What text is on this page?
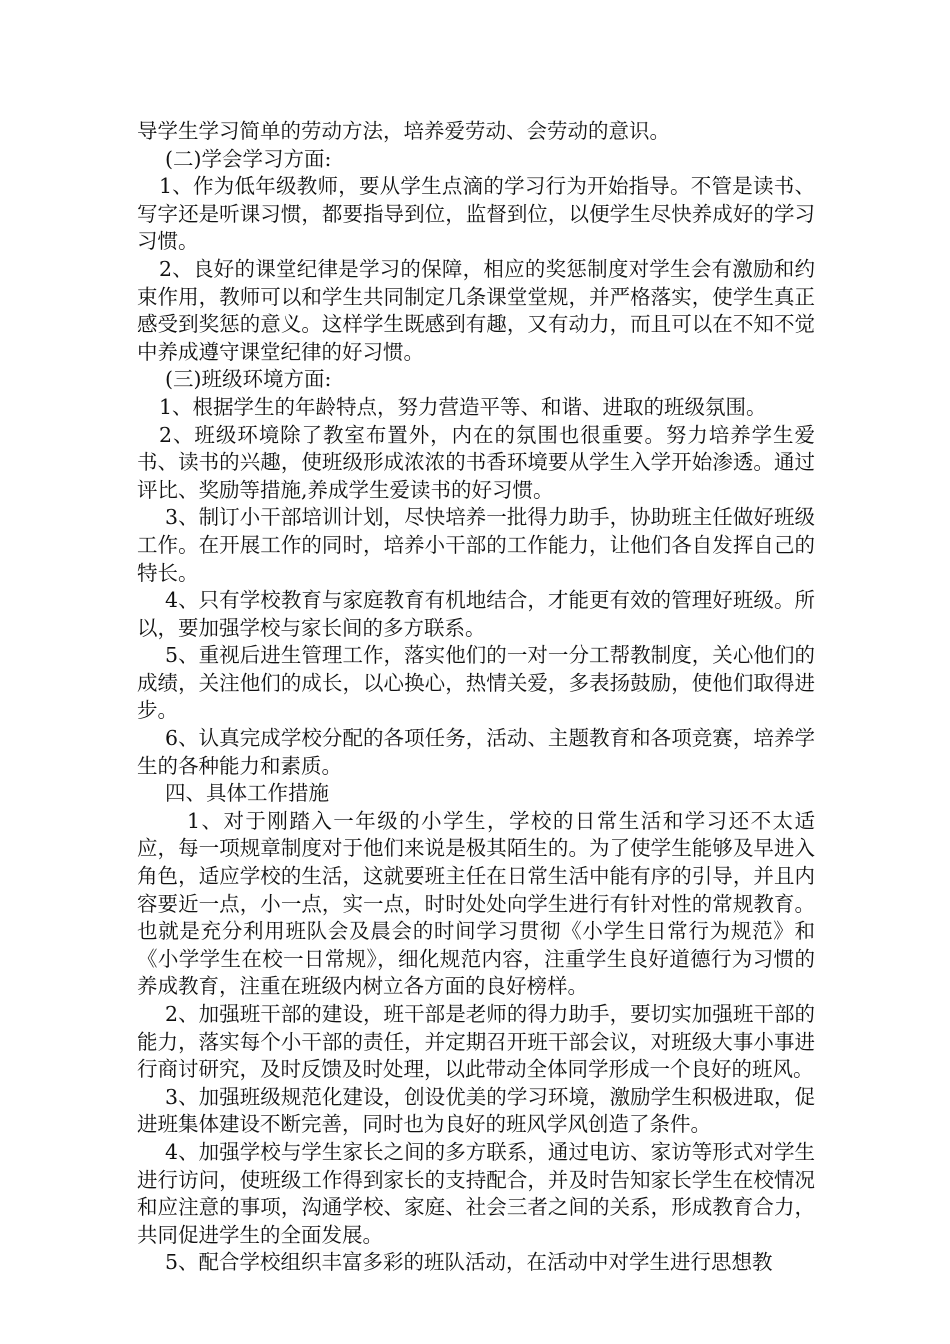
导学生学习简单的劳动方法，培养爱劳动、会劳动的意识。

(二)学会学习方面:

1、作为低年级教师，要从学生点滴的学习行为开始指导。不管是读书、写字还是听课习惯，都要指导到位，监督到位，以便学生尽快养成好的学习习惯。

2、良好的课堂纪律是学习的保障，相应的奖惩制度对学生会有激励和约束作用，教师可以和学生共同制定几条课堂堂规，并严格落实，使学生真正感受到奖惩的意义。这样学生既感到有趣，又有动力，而且可以在不知不觉中养成遵守课堂纪律的好习惯。

(三)班级环境方面:

1、根据学生的年龄特点，努力营造平等、和谐、进取的班级氛围。

2、班级环境除了教室布置外，内在的氛围也很重要。努力培养学生爱书、读书的兴趣，使班级形成浓浓的书香环境要从学生入学开始渗透。通过评比、奖励等措施,养成学生爱读书的好习惯。

3、制订小干部培训计划，尽快培养一批得力助手，协助班主任做好班级工作。在开展工作的同时，培养小干部的工作能力，让他们各自发挥自己的特长。

4、只有学校教育与家庭教育有机地结合，才能更有效的管理好班级。所以，要加强学校与家长间的多方联系。

5、重视后进生管理工作，落实他们的一对一分工帮教制度，关心他们的成绩，关注他们的成长，以心换心，热情关爱，多表扬鼓励，使他们取得进步。

6、认真完成学校分配的各项任务，活动、主题教育和各项竞赛，培养学生的各种能力和素质。

四、具体工作措施

1、对于刚踏入一年级的小学生，学校的日常生活和学习还不太适应，每一项规章制度对于他们来说是极其陌生的。为了使学生能够及早进入角色，适应学校的生活，这就要班主任在日常生活中能有序的引导，并且内容要近一点，小一点，实一点，时时处处向学生进行有针对性的常规教育。也就是充分利用班队会及晨会的时间学习贯彻《小学生日常行为规范》和《小学学生在校一日常规》，细化规范内容，注重学生良好道德行为习惯的养成教育，注重在班级内树立各方面的良好榜样。

2、加强班干部的建设，班干部是老师的得力助手，要切实加强班干部的能力，落实每个小干部的责任，并定期召开班干部会议，对班级大事小事进行商讨研究，及时反馈及时处理，以此带动全体同学形成一个良好的班风。

3、加强班级规范化建设，创设优美的学习环境，激励学生积极进取，促进班集体建设不断完善，同时也为良好的班风学风创造了条件。

4、加强学校与学生家长之间的多方联系，通过电访、家访等形式对学生进行访问，使班级工作得到家长的支持配合，并及时告知家长学生在校情况和应注意的事项，沟通学校、家庭、社会三者之间的关系，形成教育合力，共同促进学生的全面发展。

5、配合学校组织丰富多彩的班队活动，在活动中对学生进行思想教
